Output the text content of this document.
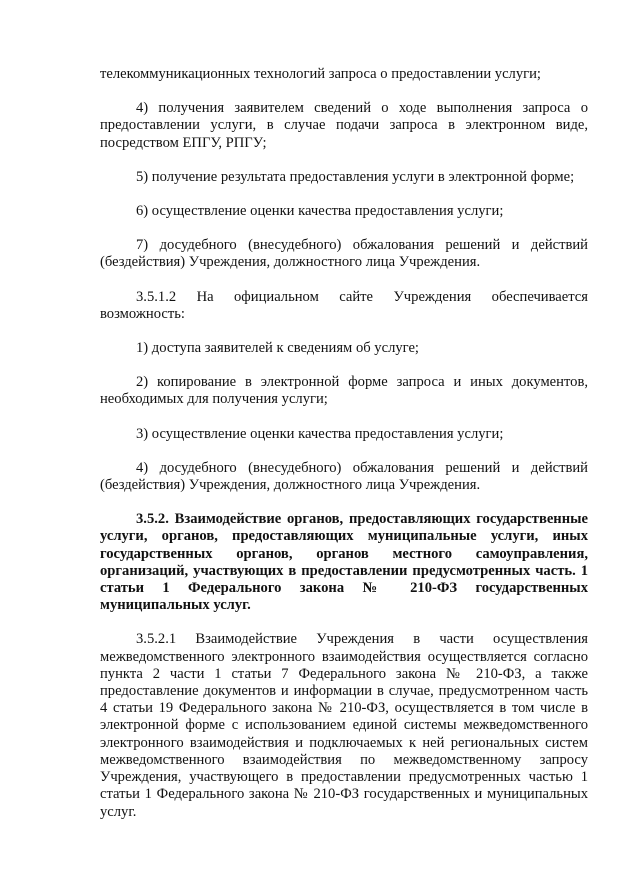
телекоммуникационных технологий запроса о предоставлении услуги;

4) получения заявителем сведений о ходе выполнения запроса о предоставлении услуги, в случае подачи запроса в электронном виде, посредством ЕПГУ, РПГУ;

5) получение результата предоставления услуги в электронной форме;

6) осуществление оценки качества предоставления услуги;

7) досудебного (внесудебного) обжалования решений и действий (бездействия) Учреждения, должностного лица Учреждения.

3.5.1.2 На официальном сайте Учреждения обеспечивается возможность:

1) доступа заявителей к сведениям об услуге;

2) копирование в электронной форме запроса и иных документов, необходимых для получения услуги;

3) осуществление оценки качества предоставления услуги;

4) досудебного (внесудебного) обжалования решений и действий (бездействия) Учреждения, должностного лица Учреждения.

3.5.2. Взаимодействие органов, предоставляющих государственные услуги, органов, предоставляющих муниципальные услуги, иных государственных органов, органов местного самоуправления, организаций, участвующих в предоставлении предусмотренных часть. 1 статьи 1 Федерального закона № 210-ФЗ государственных муниципальных услуг.

3.5.2.1 Взаимодействие Учреждения в части осуществления межведомственного электронного взаимодействия осуществляется согласно пункта 2 части 1 статьи 7 Федерального закона № 210-ФЗ, а также предоставление документов и информации в случае, предусмотренном часть 4 статьи 19 Федерального закона № 210-ФЗ, осуществляется в том числе в электронной форме с использованием единой системы межведомственного электронного взаимодействия и подключаемых к ней региональных систем межведомственного взаимодействия по межведомственному запросу Учреждения, участвующего в предоставлении предусмотренных частью 1 статьи 1 Федерального закона № 210-ФЗ государственных и муниципальных услуг.
